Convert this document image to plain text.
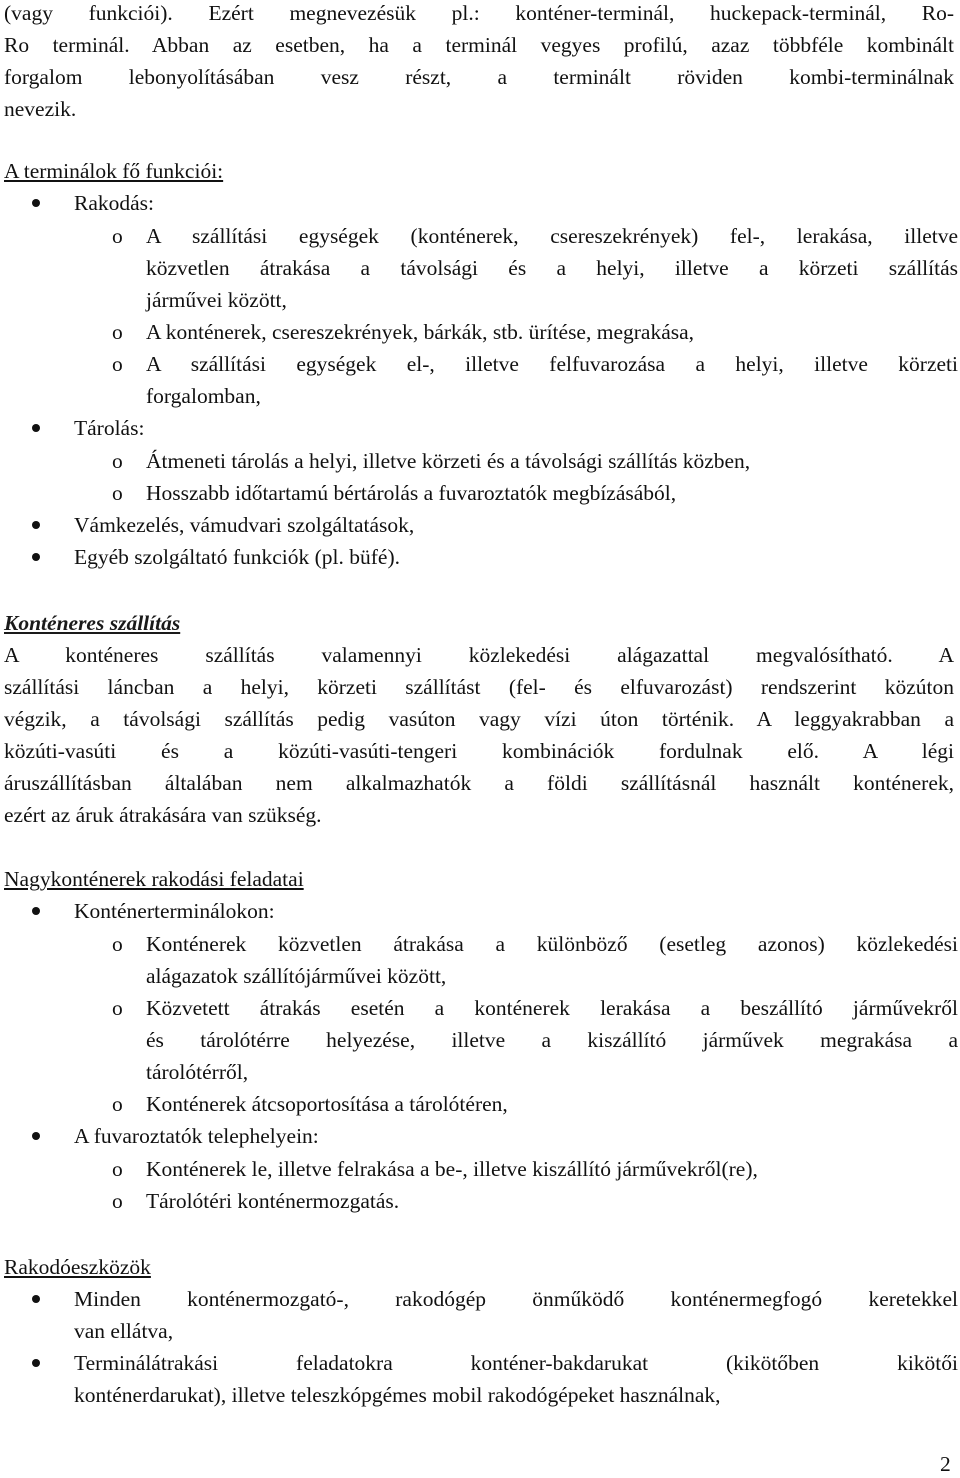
(vagy funkciói). Ezért megnevezésük pl.: konténer-terminál, huckepack-terminál, Ro-
Ro terminál. Abban az esetben, ha a terminál vegyes profilú, azaz többféle kombinált
forgalom lebonyolításában vesz részt, a terminált röviden kombi-terminálnak
nevezik.
A terminálok fő funkciói:
Rakodás:
o A szállítási egységek (konténerek, csereszekrények) fel-, lerakása, illetve
közvetlen átrakása a távolsági és a helyi, illetve a körzeti szállítás
járművei között,
o A konténerek, csereszekrények, bárkák, stb. ürítése, megrakása,
o A szállítási egységek el-, illetve felfuvarozása a helyi, illetve körzeti
forgalomban,
Tárolás:
o Átmeneti tárolás a helyi, illetve körzeti és a távolsági szállítás közben,
o Hosszabb időtartamú bértárolás a fuvaroztatók megbízásából,
Vámkezelés, vámudvari szolgáltatások,
Egyéb szolgáltató funkciók (pl. büfé).
Konténeres szállítás
A konténeres szállítás valamennyi közlekedési alágazattal megvalósítható. A
szállítási láncban a helyi, körzeti szállítást (fel- és elfuvarozást) rendszerint közúton
végzik, a távolsági szállítás pedig vasúton vagy vízi úton történik. A leggyakrabban a
közúti-vasúti és a közúti-vasúti-tengeri kombinációk fordulnak elő. A légi
áruszállításban általában nem alkalmazhatók a földi szállításnál használt konténerek,
ezért az áruk átrakására van szükség.
Nagykonténerek rakodási feladatai
Konténerterminálokon:
o Konténerek közvetlen átrakása a különböző (esetleg azonos) közlekedési
alágazatok szállítójárművei között,
o Közvetett átrakás esetén a konténerek lerakása a beszállító járművekről
és tárolótérre helyezése, illetve a kiszállító járművek megrakása a
tárolótérről,
o Konténerek átcsoportosítása a tárolótéren,
A fuvaroztatók telephelyein:
o Konténerek le, illetve felrakása a be-, illetve kiszállító járművekről(re),
o Tárolótéri konténermozgatás.
Rakodóeszközök
Minden konténermozgató-, rakodógép önműködő konténermegfogó keretekkel
van ellátva,
Terminálátrakási feladatokra konténer-bakdarukat (kikötőben kikötői
konténerdarukat), illetve teleszkópgémes mobil rakodógépeket használnak,
2
